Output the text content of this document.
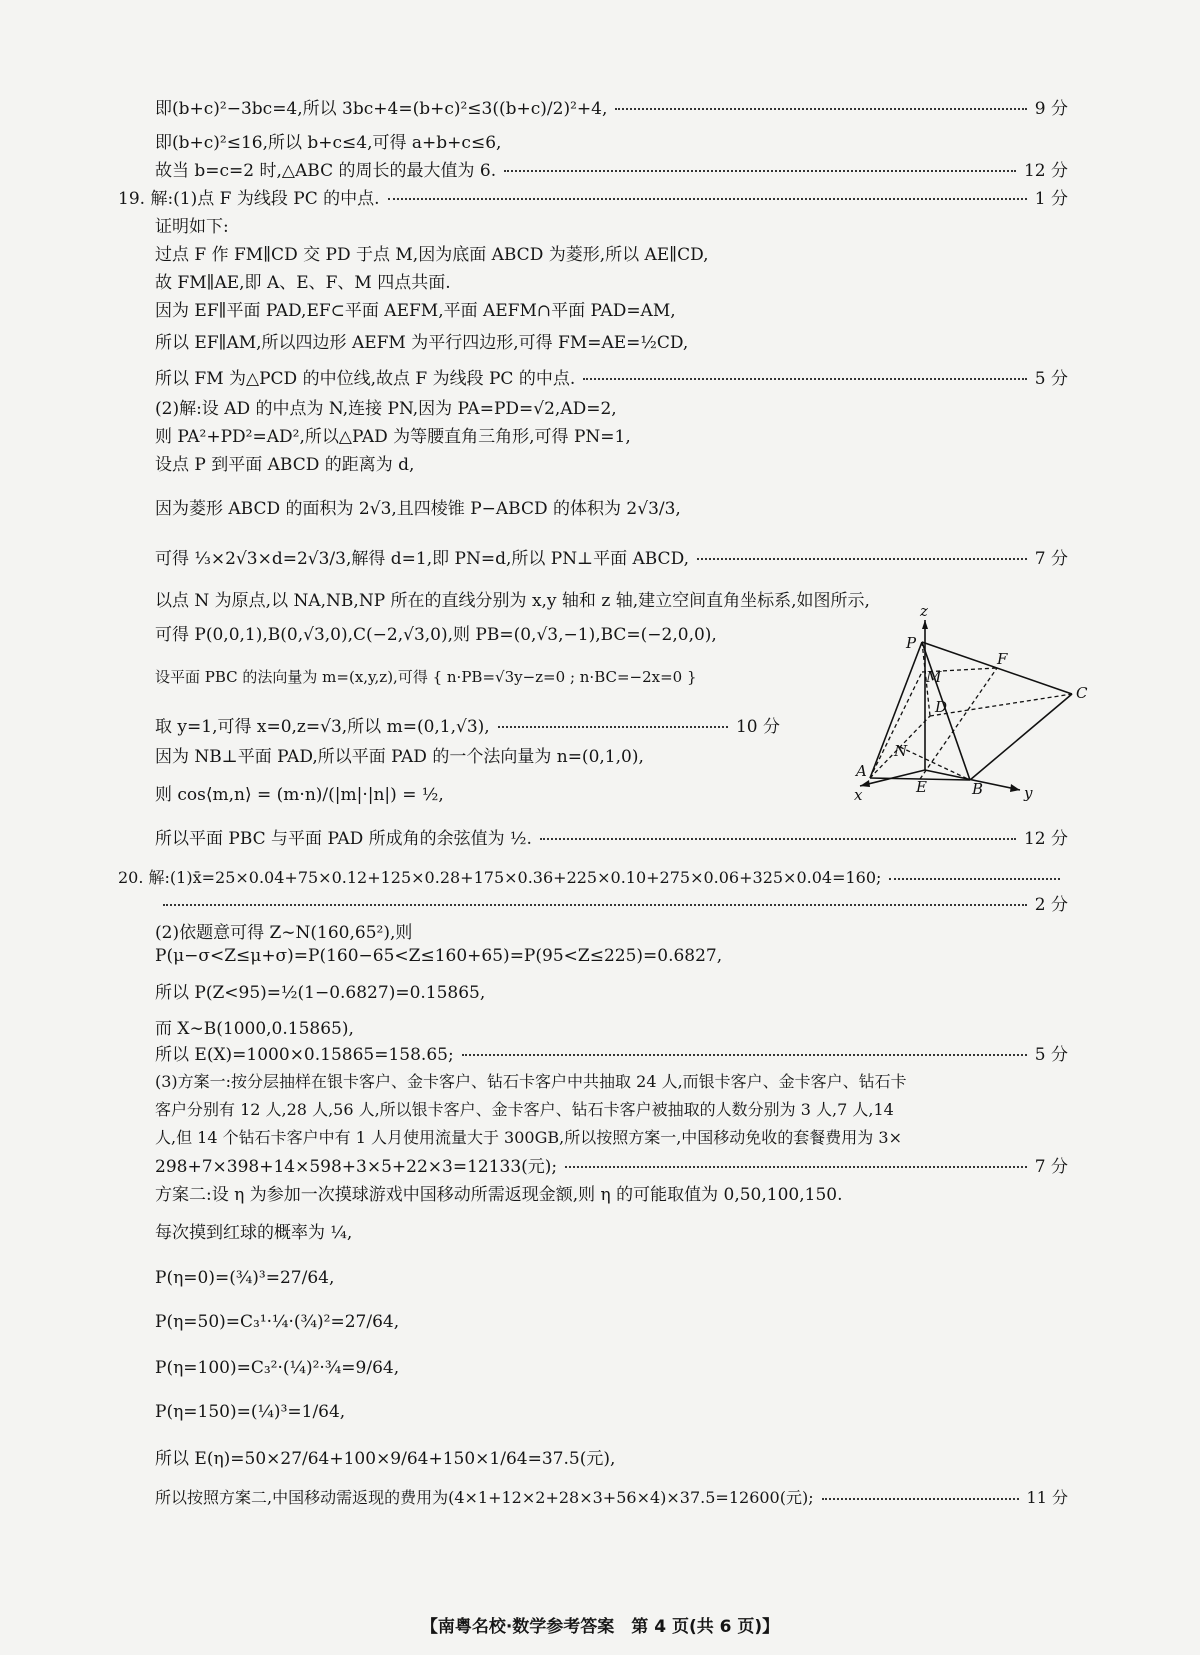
即(b+c)²−3bc=4,所以 3bc+4=(b+c)²≤3((b+c)/2)²+4,	9 分
即(b+c)²≤16,所以 b+c≤4,可得 a+b+c≤6,
故当 b=c=2 时,△ABC 的周长的最大值为 6.	12 分
19. 解:(1)点 F 为线段 PC 的中点.	1 分
证明如下:
过点 F 作 FM∥CD 交 PD 于点 M,因为底面 ABCD 为菱形,所以 AE∥CD,
故 FM∥AE,即 A、E、F、M 四点共面.
因为 EF∥平面 PAD,EF⊂平面 AEFM,平面 AEFM∩平面 PAD=AM,
所以 EF∥AM,所以四边形 AEFM 为平行四边形,可得 FM=AE=½CD,
所以 FM 为△PCD 的中位线,故点 F 为线段 PC 的中点.	5 分
(2)解:设 AD 的中点为 N,连接 PN,因为 PA=PD=√2,AD=2,
则 PA²+PD²=AD²,所以△PAD 为等腰直角三角形,可得 PN=1,
设点 P 到平面 ABCD 的距离为 d,
因为菱形 ABCD 的面积为 2√3,且四棱锥 P−ABCD 的体积为 2√3/3,
可得 ⅓×2√3×d=2√3/3,解得 d=1,即 PN=d,所以 PN⊥平面 ABCD,	7 分
以点 N 为原点,以 NA,NB,NP 所在的直线分别为 x,y 轴和 z 轴,建立空间直角坐标系,如图所示,
可得 P(0,0,1),B(0,√3,0),C(−2,√3,0),则 PB=(0,√3,−1),BC=(−2,0,0),
设平面 PBC 的法向量为 m=(x,y,z),可得 { n·PB=√3y−z=0 ; n·BC=−2x=0 }
取 y=1,可得 x=0,z=√3,所以 m=(0,1,√3),	10 分
因为 NB⊥平面 PAD,所以平面 PAD 的一个法向量为 n=(0,1,0),
则 cos⟨m,n⟩ = (m·n)/(|m|·|n|) = ½,
所以平面 PBC 与平面 PAD 所成角的余弦值为 ½.	12 分
20. 解:(1)x̄=25×0.04+75×0.12+125×0.28+175×0.36+225×0.10+275×0.06+325×0.04=160;
2 分
(2)依题意可得 Z∼N(160,65²),则
P(μ−σ<Z≤μ+σ)=P(160−65<Z≤160+65)=P(95<Z≤225)=0.6827,
所以 P(Z<95)=½(1−0.6827)=0.15865,
而 X∼B(1000,0.15865),
所以 E(X)=1000×0.15865=158.65;	5 分
(3)方案一:按分层抽样在银卡客户、金卡客户、钻石卡客户中共抽取 24 人,而银卡客户、金卡客户、钻石卡
客户分别有 12 人,28 人,56 人,所以银卡客户、金卡客户、钻石卡客户被抽取的人数分别为 3 人,7 人,14
人,但 14 个钻石卡客户中有 1 人月使用流量大于 300GB,所以按照方案一,中国移动免收的套餐费用为 3×
298+7×398+14×598+3×5+22×3=12133(元);	7 分
方案二:设 η 为参加一次摸球游戏中国移动所需返现金额,则 η 的可能取值为 0,50,100,150.
每次摸到红球的概率为 ¼,
P(η=0)=(¾)³=27/64,
P(η=50)=C₃¹·¼·(¾)²=27/64,
P(η=100)=C₃²·(¼)²·¾=9/64,
P(η=150)=(¼)³=1/64,
所以 E(η)=50×27/64+100×9/64+150×1/64=37.5(元),
所以按照方案二,中国移动需返现的费用为(4×1+12×2+28×3+56×4)×37.5=12600(元);	11 分
z
P
F
M
D
C
A
N
E	B
x	y
【南粤名校·数学参考答案　第 4 页(共 6 页)】
